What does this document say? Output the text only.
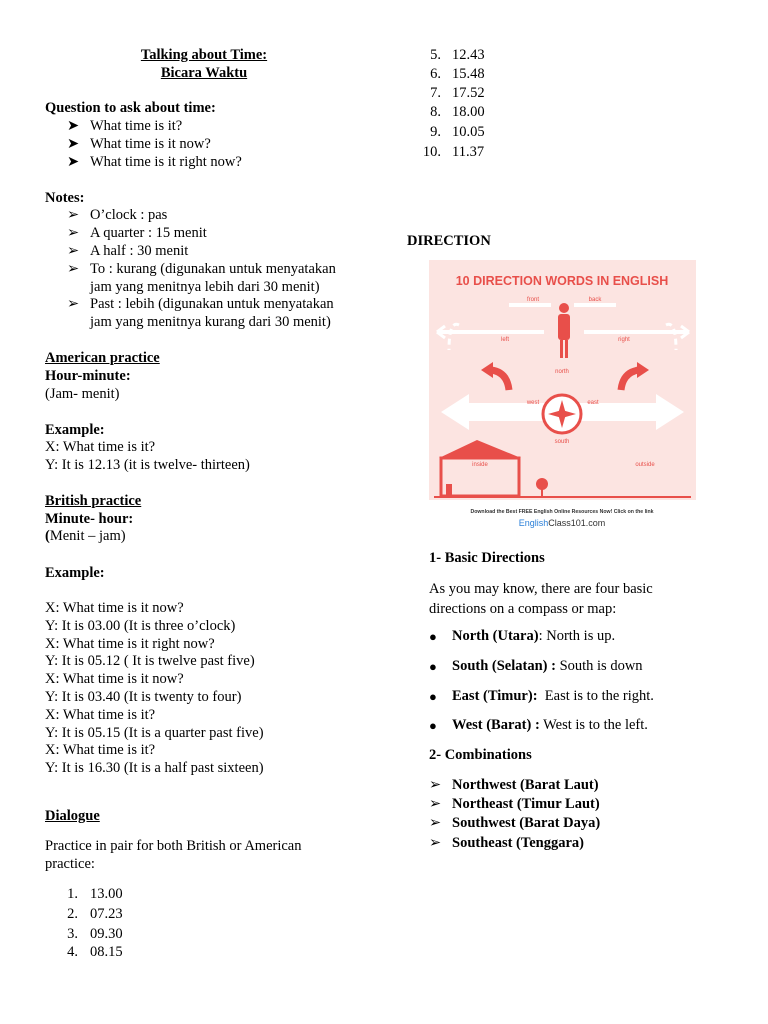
Talking about Time:
Bicara Waktu
Question to ask about time:
➤ What time is it?
➤ What time is it now?
➤ What time is it right now?
Notes:
➢ O’clock : pas
➢ A quarter : 15 menit
➢ A half : 30 menit
➢ To : kurang (digunakan untuk menyatakan
jam yang menitnya lebih dari 30 menit)
➢ Past : lebih (digunakan untuk menyatakan
jam yang menitnya kurang dari 30 menit)
American practice
Hour-minute:
(Jam- menit)
Example:
X: What time is it?
Y: It is 12.13 (it is twelve- thirteen)
British practice
Minute- hour:
(Menit – jam)
Example:
X: What time is it now?
Y: It is 03.00 (It is three o’clock)
X: What time is it right now?
Y: It is 05.12 ( It is twelve past five)
X: What time is it now?
Y: It is 03.40 (It is twenty to four)
X: What time is it?
Y: It is 05.15 (It is a quarter past five)
X: What time is it?
Y: It is 16.30 (It is a half past sixteen)
Dialogue
Practice in pair for both British or American practice:
1. 13.00
2. 07.23
3. 09.30
4. 08.15
5. 12.43
6. 15.48
7. 17.52
8. 18.00
9. 10.05
10. 11.37
DIRECTION
10 DIRECTION WORDS IN ENGLISH
front	back
left	right
west	east
north
south
inside	outside
Download the Best FREE English Online Resources Now! Click on the link
EnglishClass101.com
1- Basic Directions
As you may know, there are four basic directions on a compass or map:
● North (Utara): North is up.
● South (Selatan) : South is down
● East (Timur):  East is to the right.
● West (Barat) : West is to the left.
2- Combinations
➢ Northwest (Barat Laut)
➢ Northeast (Timur Laut)
➢ Southwest (Barat Daya)
➢ Southeast (Tenggara)
